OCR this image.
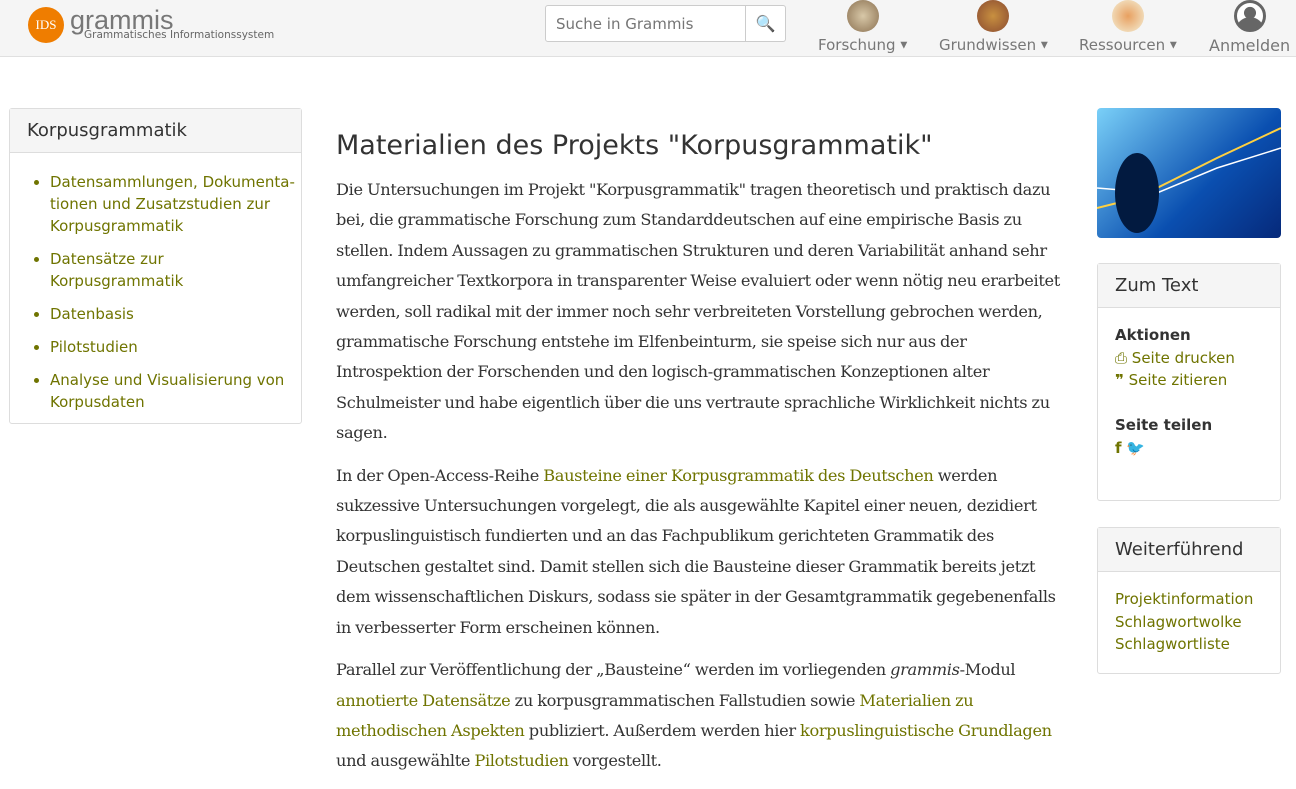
IDS grammis
Grammatisches Informationssystem
Suche in Grammis
🔍
Forschung ▼ Grundwissen ▼ Ressourcen ▼ Anmelden
Korpusgrammatik
• Datensammlungen, Dokumentationen und Zusatzstudien zur Korpusgrammatik
• Datensätze zur Korpusgrammatik
• Datenbasis
• Pilotstudien
• Analyse und Visualisierung von Korpusdaten
Materialien des Projekts "Korpusgrammatik"

Die Untersuchungen im Projekt "Korpusgrammatik" tragen theoretisch und praktisch dazu bei, die grammatische Forschung zum Standarddeutschen auf eine empirische Basis zu stellen. Indem Aussagen zu grammatischen Strukturen und deren Variabilität anhand sehr umfangreicher Textkorpora in transparenter Weise evaluiert oder wenn nötig neu erarbeitet werden, soll radikal mit der immer noch sehr verbreiteten Vorstellung gebrochen werden, grammatische Forschung entstehe im Elfenbeinturm, sie speise sich nur aus der Introspektion der Forschenden und den logisch-grammatischen Konzeptionen alter Schulmeister und habe eigentlich über die uns vertraute sprachliche Wirklichkeit nichts zu sagen.

In der Open-Access-Reihe Bausteine einer Korpusgrammatik des Deutschen werden sukzessive Untersuchungen vorgelegt, die als ausgewählte Kapitel einer neuen, dezidiert korpuslinguistisch fundierten und an das Fachpublikum gerichteten Grammatik des Deutschen gestaltet sind. Damit stellen sich die Bausteine dieser Grammatik bereits jetzt dem wissenschaftlichen Diskurs, sodass sie später in der Gesamtgrammatik gegebenenfalls in verbesserter Form erscheinen können.

Parallel zur Veröffentlichung der „Bausteine“ werden im vorliegenden grammis-Modul annotierte Datensätze zu korpusgrammatischen Fallstudien sowie Materialien zu methodischen Aspekten publiziert. Außerdem werden hier korpuslinguistische Grundlagen und ausgewählte Pilotstudien vorgestellt.

Zum Text
Aktionen
⎙ Seite drucken
❞ Seite zitieren

Seite teilen
f 🐦
Weiterführend
Projektinformation
Schlagwortwolke
Schlagwortliste
